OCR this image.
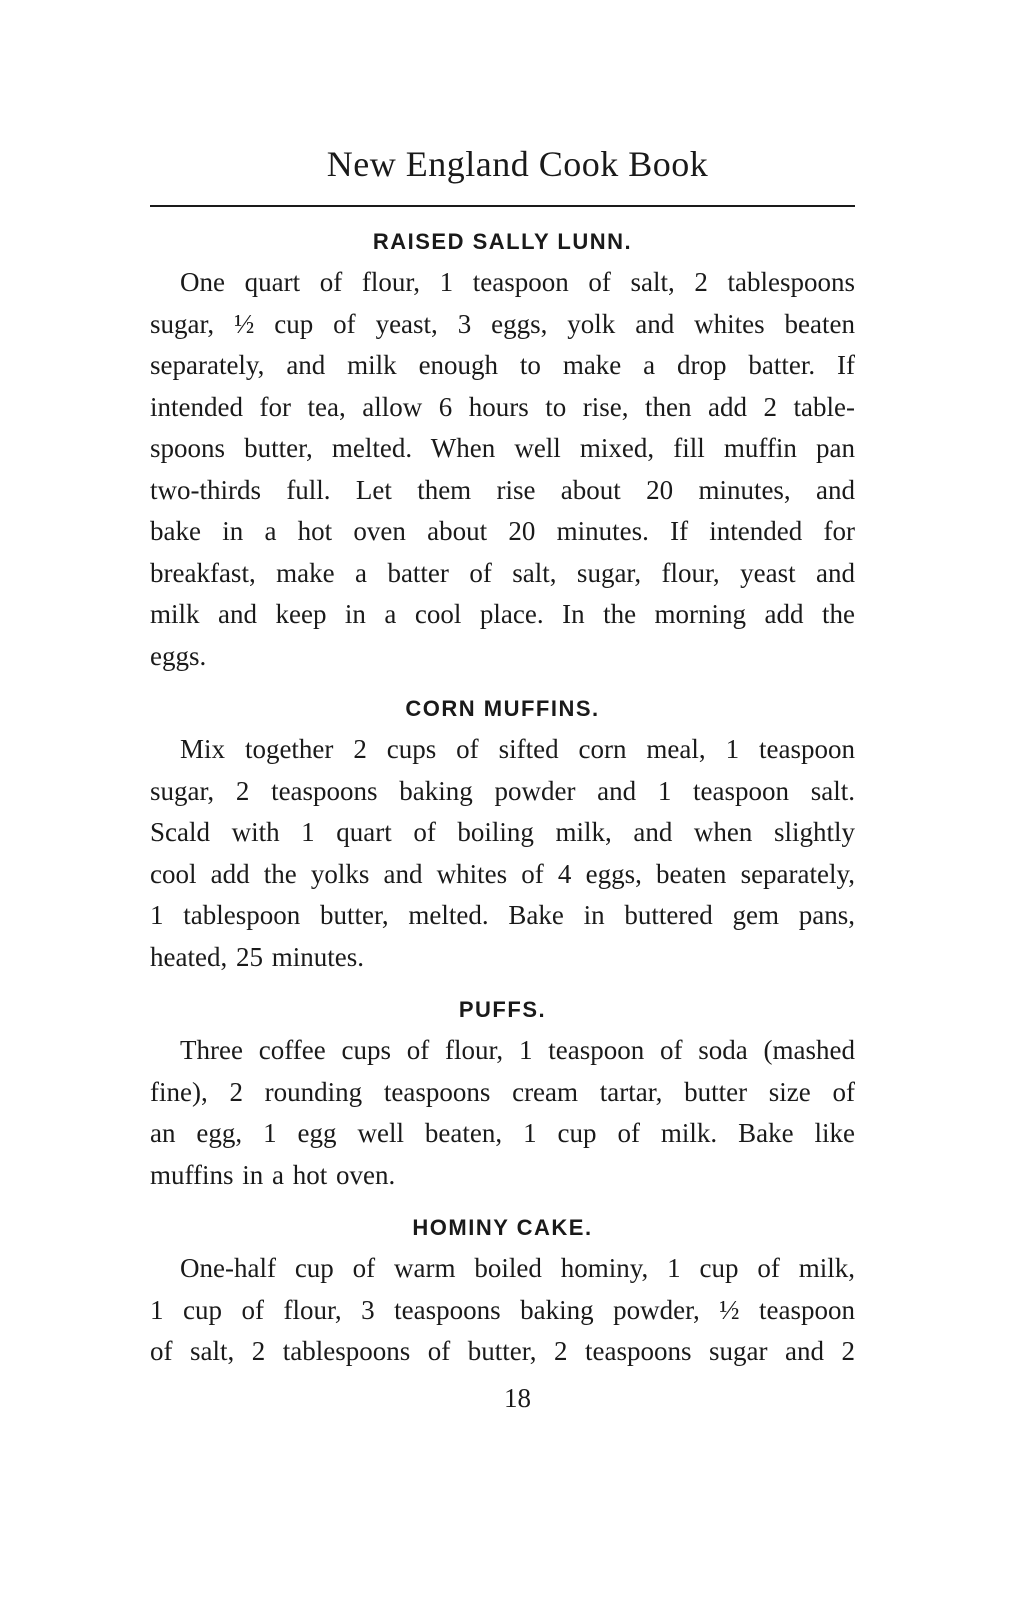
New England Cook Book
RAISED SALLY LUNN.
One quart of flour, 1 teaspoon of salt, 2 tablespoons
sugar, ½ cup of yeast, 3 eggs, yolk and whites beaten
separately, and milk enough to make a drop batter. If
intended for tea, allow 6 hours to rise, then add 2 table-
spoons butter, melted. When well mixed, fill muffin pan
two-thirds full. Let them rise about 20 minutes, and
bake in a hot oven about 20 minutes. If intended for
breakfast, make a batter of salt, sugar, flour, yeast and
milk and keep in a cool place. In the morning add the
eggs.
CORN MUFFINS.
Mix together 2 cups of sifted corn meal, 1 teaspoon
sugar, 2 teaspoons baking powder and 1 teaspoon salt.
Scald with 1 quart of boiling milk, and when slightly
cool add the yolks and whites of 4 eggs, beaten separately,
1 tablespoon butter, melted. Bake in buttered gem pans,
heated, 25 minutes.
PUFFS.
Three coffee cups of flour, 1 teaspoon of soda (mashed
fine), 2 rounding teaspoons cream tartar, butter size of
an egg, 1 egg well beaten, 1 cup of milk. Bake like
muffins in a hot oven.
HOMINY CAKE.
One-half cup of warm boiled hominy, 1 cup of milk,
1 cup of flour, 3 teaspoons baking powder, ½ teaspoon
of salt, 2 tablespoons of butter, 2 teaspoons sugar and 2
18
